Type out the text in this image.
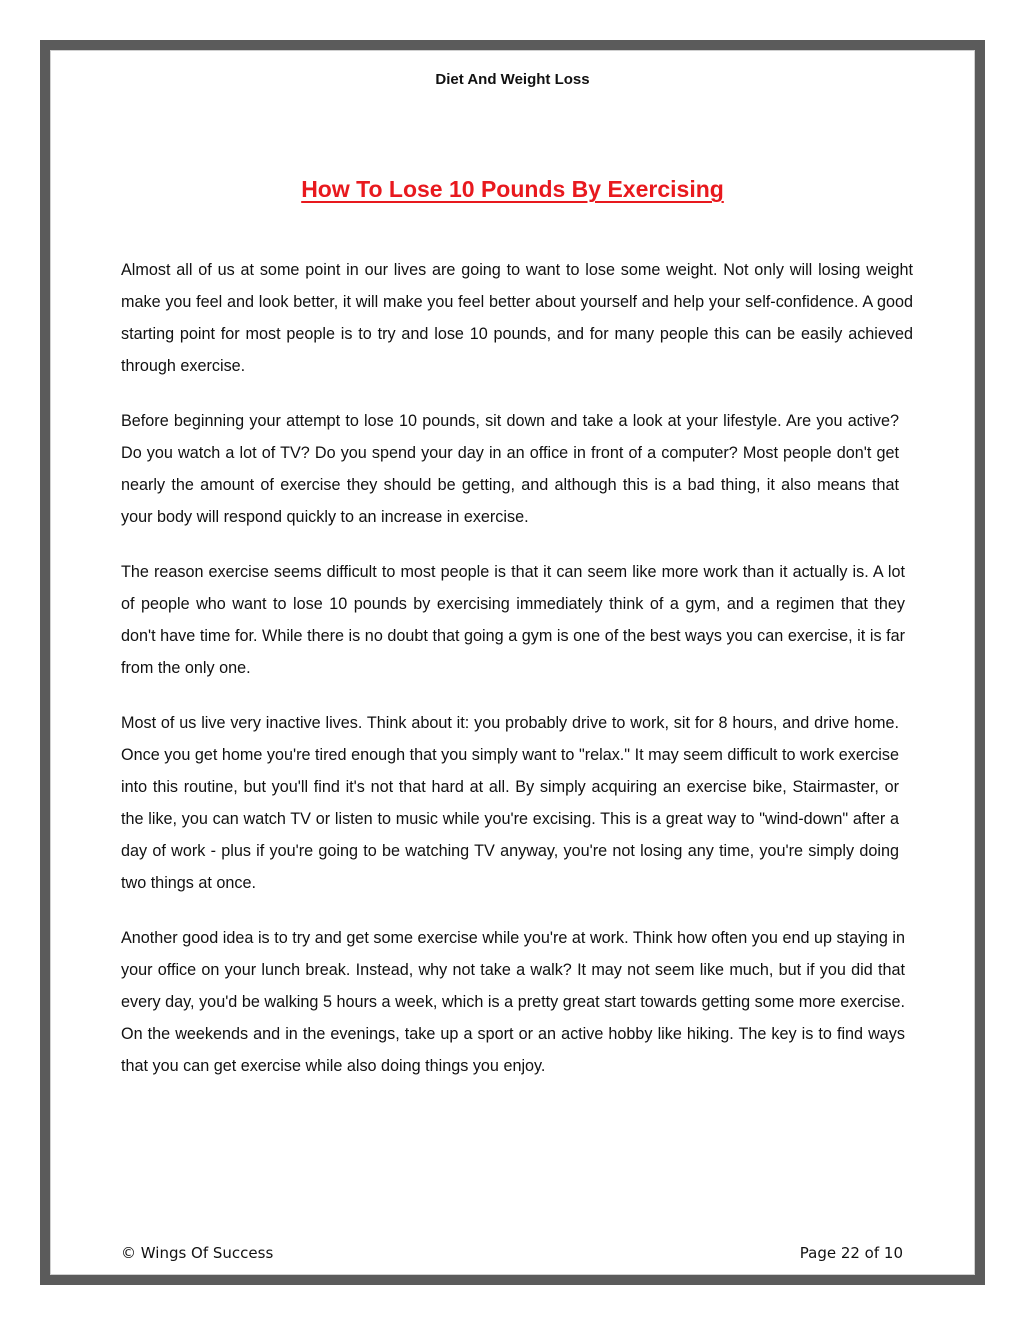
Diet And Weight Loss
How To Lose 10 Pounds By Exercising

Almost all of us at some point in our lives are going to want to lose some weight. Not only will losing weight make you feel and look better, it will make you feel better about yourself and help your self-confidence. A good starting point for most people is to try and lose 10 pounds, and for many people this can be easily achieved through exercise.

Before beginning your attempt to lose 10 pounds, sit down and take a look at your lifestyle. Are you active? Do you watch a lot of TV? Do you spend your day in an office in front of a computer? Most people don't get nearly the amount of exercise they should be getting, and although this is a bad thing, it also means that your body will respond quickly to an increase in exercise.

The reason exercise seems difficult to most people is that it can seem like more work than it actually is. A lot of people who want to lose 10 pounds by exercising immediately think of a gym, and a regimen that they don't have time for. While there is no doubt that going a gym is one of the best ways you can exercise, it is far from the only one.

Most of us live very inactive lives. Think about it: you probably drive to work, sit for 8 hours, and drive home. Once you get home you're tired enough that you simply want to "relax." It may seem difficult to work exercise into this routine, but you'll find it's not that hard at all. By simply acquiring an exercise bike, Stairmaster, or the like, you can watch TV or listen to music while you're excising. This is a great way to "wind-down" after a day of work - plus if you're going to be watching TV anyway, you're not losing any time, you're simply doing two things at once.

Another good idea is to try and get some exercise while you're at work. Think how often you end up staying in your office on your lunch break. Instead, why not take a walk? It may not seem like much, but if you did that every day, you'd be walking 5 hours a week, which is a pretty great start towards getting some more exercise. On the weekends and in the evenings, take up a sport or an active hobby like hiking. The key is to find ways that you can get exercise while also doing things you enjoy.

© Wings Of Success	Page 22 of 10
